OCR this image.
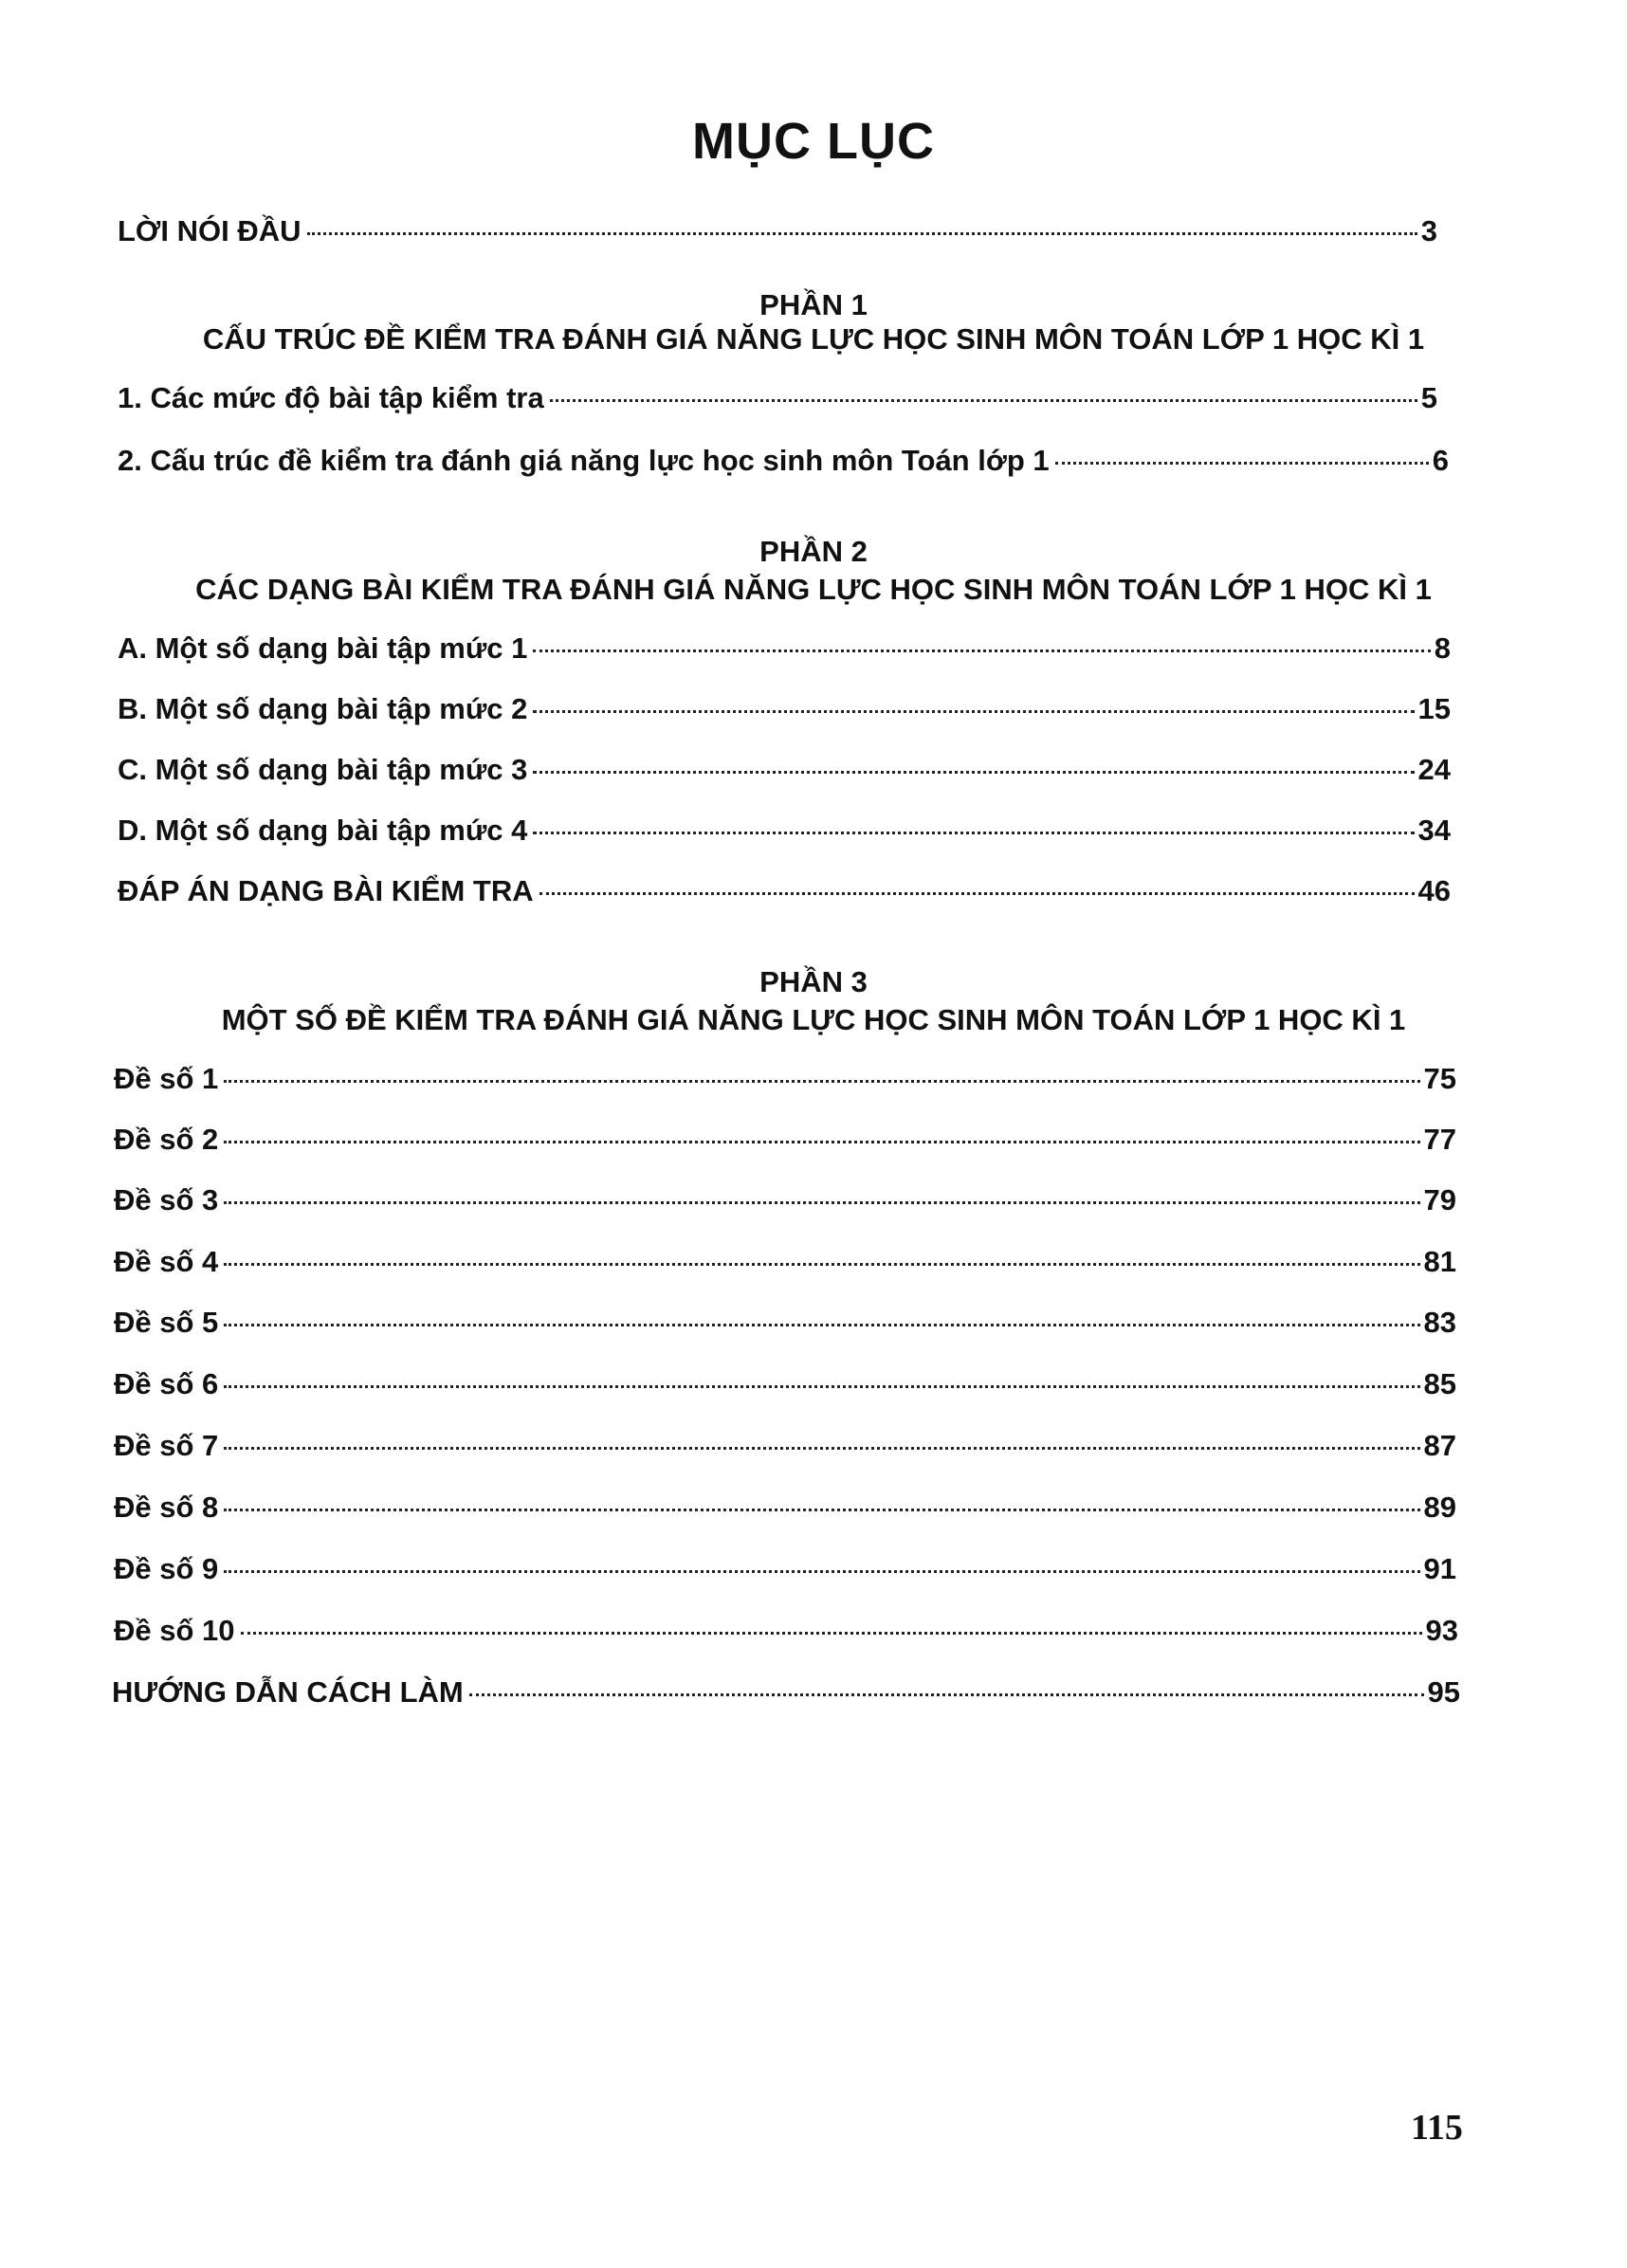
MỤC LỤC
LỜI NÓI ĐẦU	3
PHẦN 1
CẤU TRÚC ĐỀ KIỂM TRA ĐÁNH GIÁ NĂNG LỰC HỌC SINH MÔN TOÁN LỚP 1 HỌC KÌ 1
1. Các mức độ bài tập kiểm tra	5
2. Cấu trúc đề kiểm tra đánh giá năng lực học sinh môn Toán lớp 1	6
PHẦN 2
CÁC DẠNG BÀI KIỂM TRA ĐÁNH GIÁ NĂNG LỰC HỌC SINH MÔN TOÁN LỚP 1 HỌC KÌ 1
A. Một số dạng bài tập mức 1	8
B. Một số dạng bài tập mức 2	15
C. Một số dạng bài tập mức 3	24
D. Một số dạng bài tập mức 4	34
ĐÁP ÁN DẠNG BÀI KIỂM TRA	46
PHẦN 3
MỘT SỐ ĐỀ KIỂM TRA ĐÁNH GIÁ NĂNG LỰC HỌC SINH MÔN TOÁN LỚP 1 HỌC KÌ 1
Đề số 1	75
Đề số 2	77
Đề số 3	79
Đề số 4	81
Đề số 5	83
Đề số 6	85
Đề số 7	87
Đề số 8	89
Đề số 9	91
Đề số 10	93
HƯỚNG DẪN CÁCH LÀM	95
115
